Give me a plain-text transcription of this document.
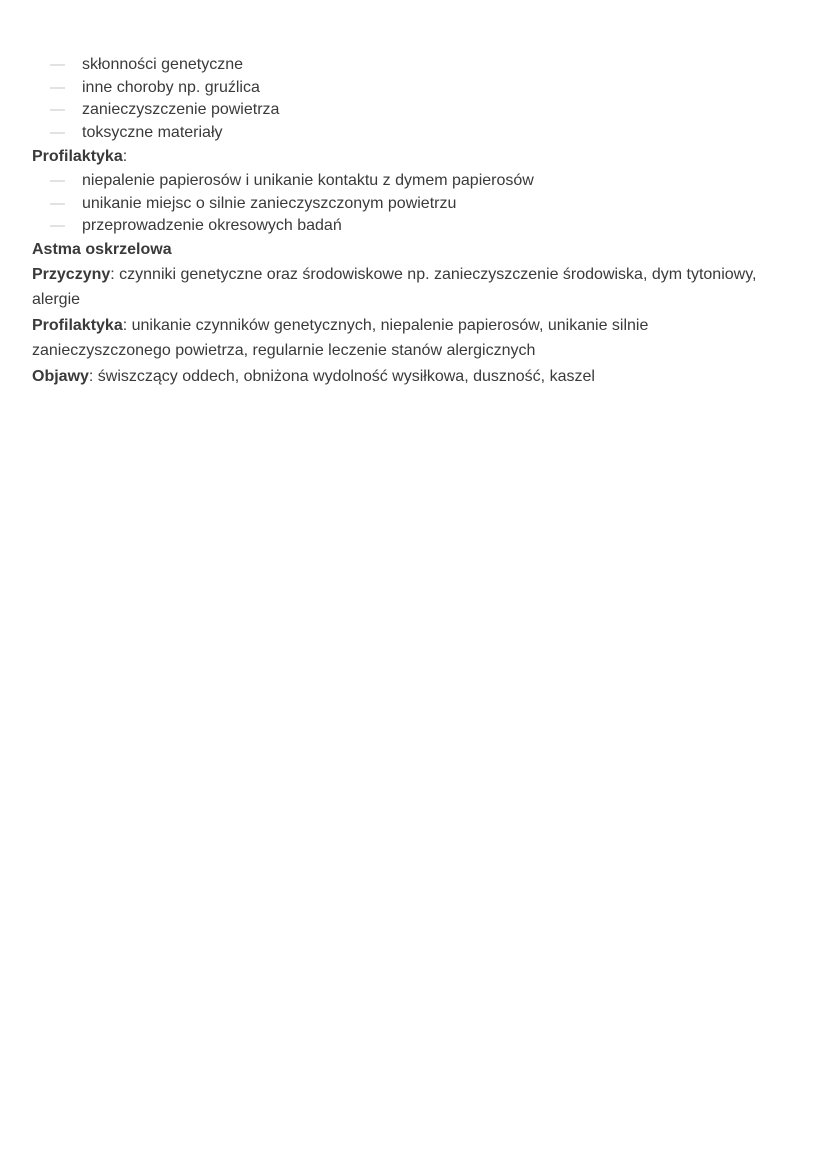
— skłonności genetyczne
— inne choroby np. gruźlica
— zanieczyszczenie powietrza
— toksyczne materiały
Profilaktyka:
— niepalenie papierosów i unikanie kontaktu z dymem papierosów
— unikanie miejsc o silnie zanieczyszczonym powietrzu
— przeprowadzenie okresowych badań
Astma oskrzelowa

Przyczyny: czynniki genetyczne oraz środowiskowe np. zanieczyszczenie środowiska, dym tytoniowy, alergie

Profilaktyka: unikanie czynników genetycznych, niepalenie papierosów, unikanie silnie zanieczyszczonego powietrza, regularnie leczenie stanów alergicznych

Objawy: świszczący oddech, obniżona wydolność wysiłkowa, duszność, kaszel
